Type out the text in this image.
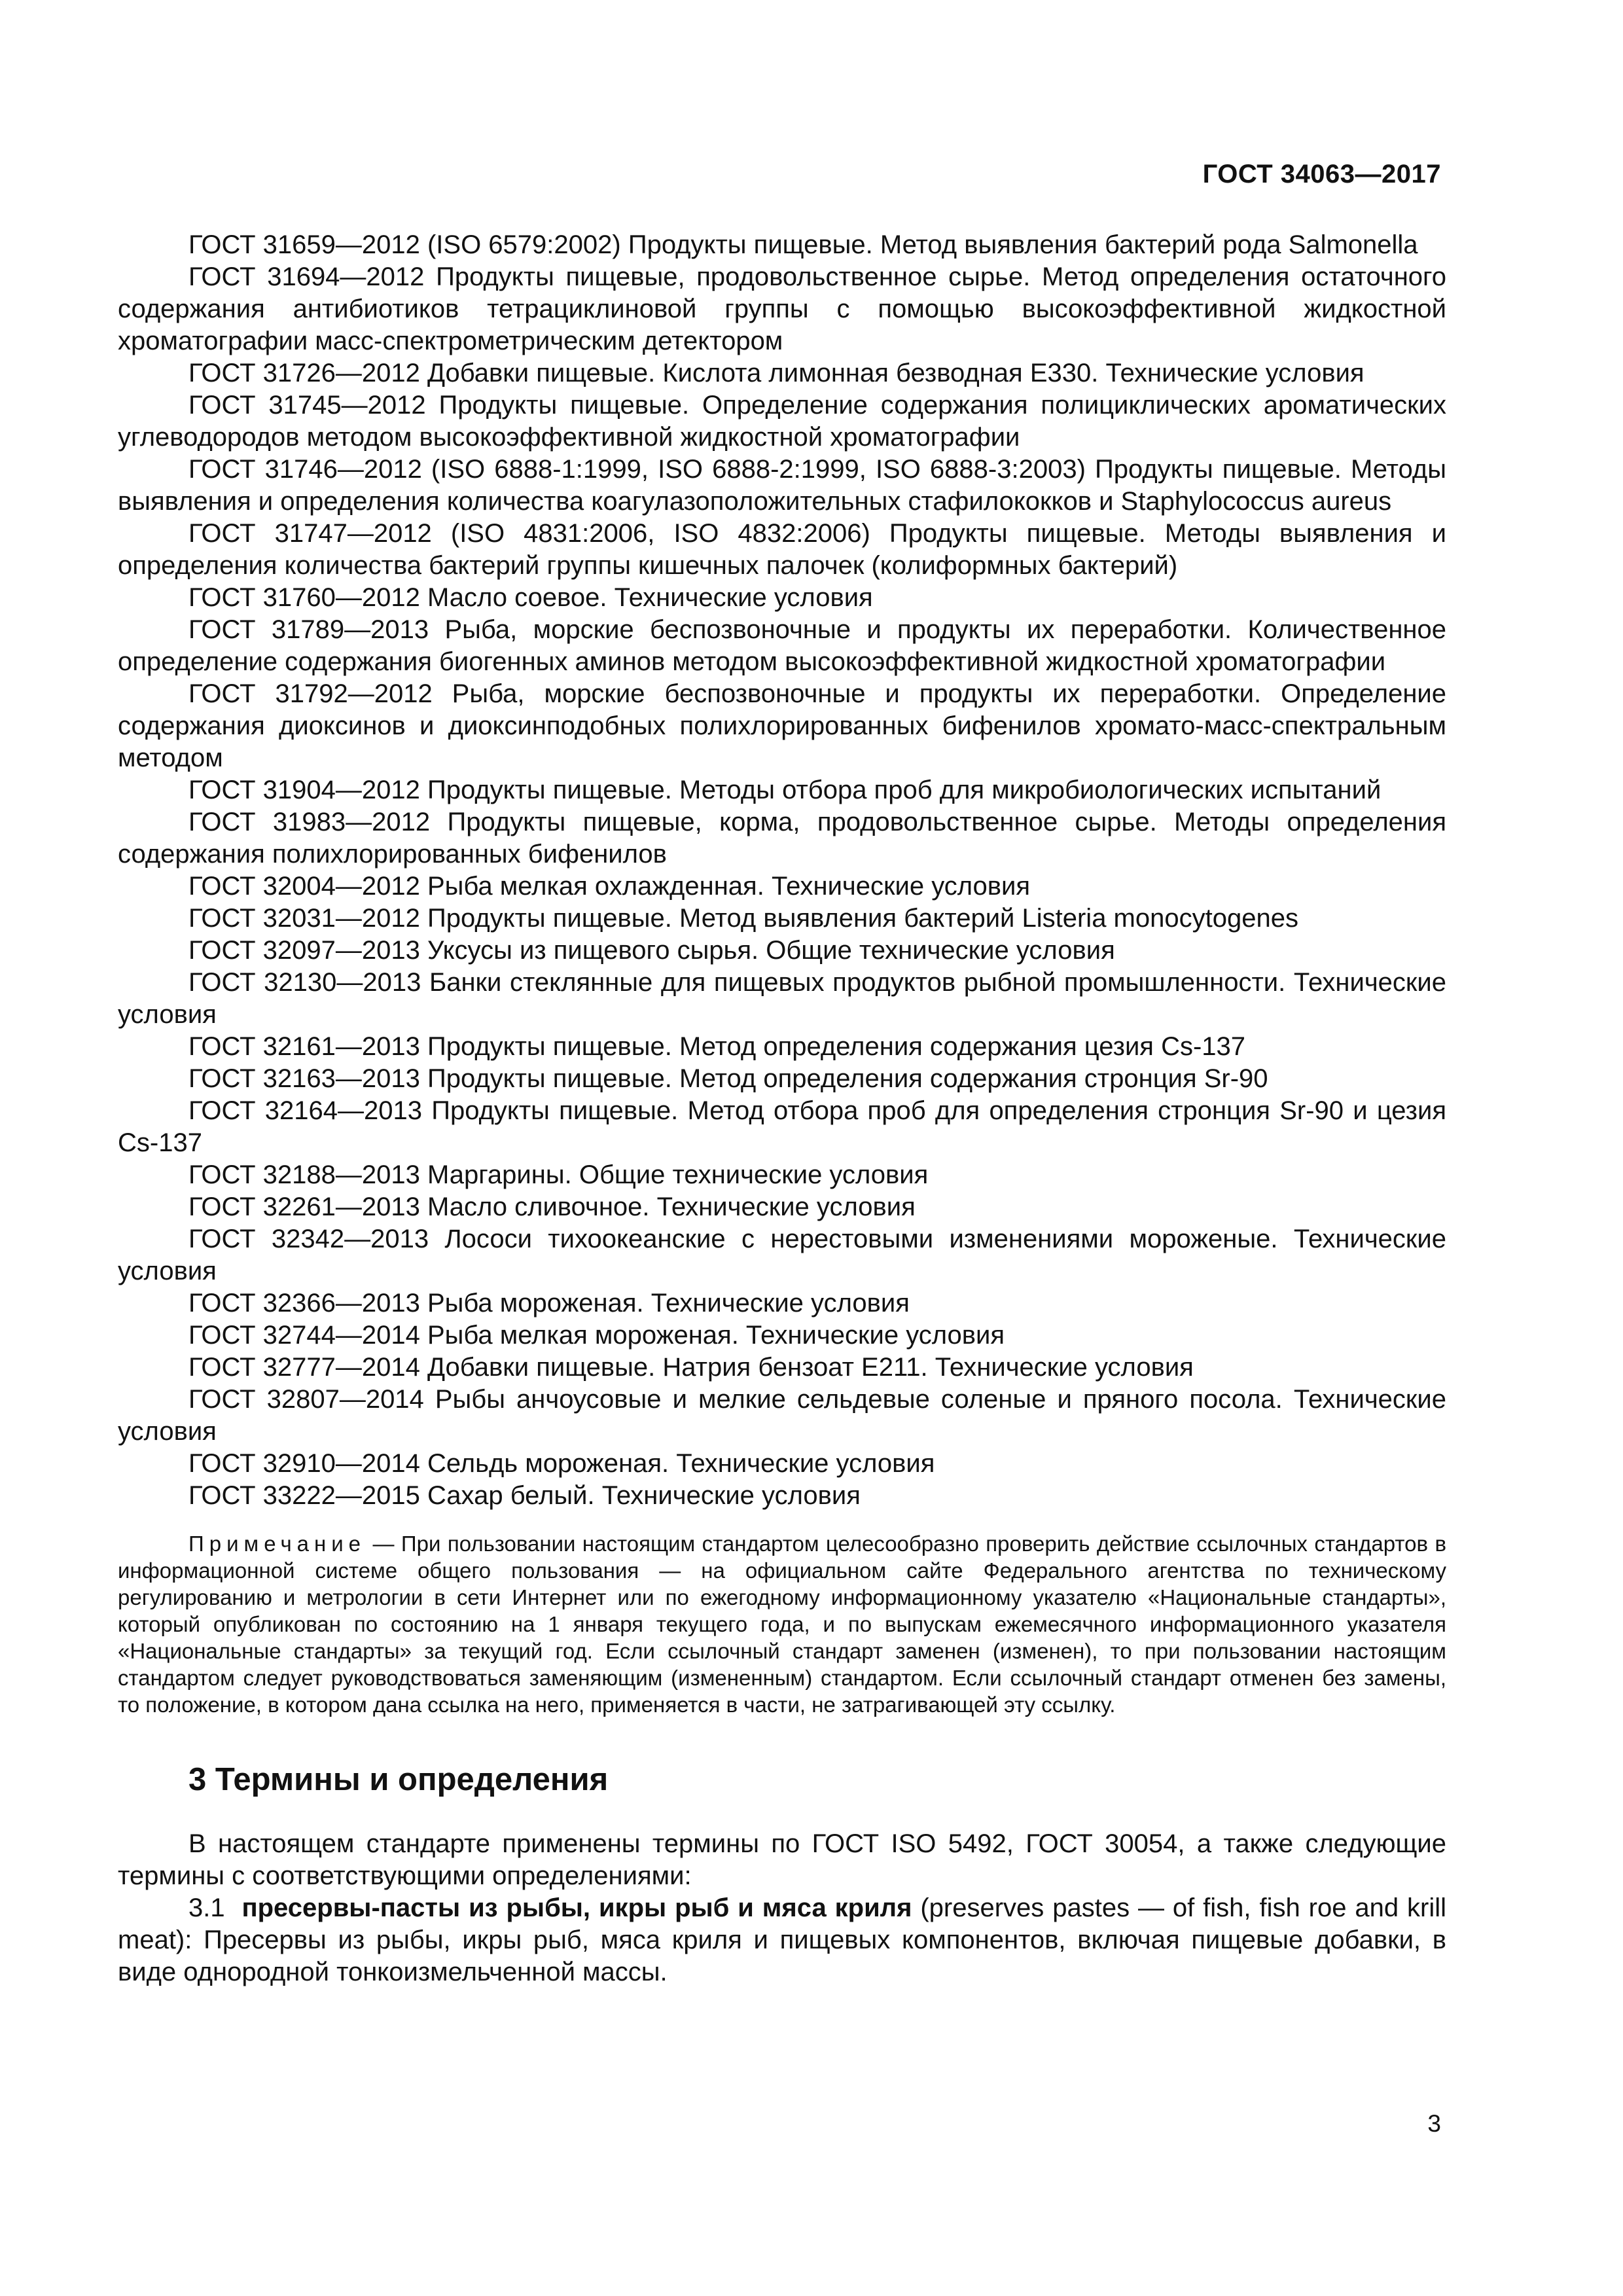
ГОСТ 34063—2017

ГОСТ 31659—2012 (ISO 6579:2002) Продукты пищевые. Метод выявления бактерий рода Salmonella

ГОСТ 31694—2012 Продукты пищевые, продовольственное сырье. Метод определения остаточного содержания антибиотиков тетрациклиновой группы с помощью высокоэффективной жидкостной хроматографии масс-спектрометрическим детектором

ГОСТ 31726—2012 Добавки пищевые. Кислота лимонная безводная Е330. Технические условия

ГОСТ 31745—2012 Продукты пищевые. Определение содержания полициклических ароматических углеводородов методом высокоэффективной жидкостной хроматографии

ГОСТ 31746—2012 (ISO 6888-1:1999, ISO 6888-2:1999, ISO 6888-3:2003) Продукты пищевые. Методы выявления и определения количества коагулазоположительных стафилококков и Staphylococcus aureus

ГОСТ 31747—2012 (ISO 4831:2006, ISO 4832:2006) Продукты пищевые. Методы выявления и определения количества бактерий группы кишечных палочек (колиформных бактерий)

ГОСТ 31760—2012 Масло соевое. Технические условия

ГОСТ 31789—2013 Рыба, морские беспозвоночные и продукты их переработки. Количественное определение содержания биогенных аминов методом высокоэффективной жидкостной хроматографии

ГОСТ 31792—2012 Рыба, морские беспозвоночные и продукты их переработки. Определение содержания диоксинов и диоксинподобных полихлорированных бифенилов хромато-масс-спектральным методом

ГОСТ 31904—2012 Продукты пищевые. Методы отбора проб для микробиологических испытаний

ГОСТ 31983—2012 Продукты пищевые, корма, продовольственное сырье. Методы определения содержания полихлорированных бифенилов

ГОСТ 32004—2012 Рыба мелкая охлажденная. Технические условия

ГОСТ 32031—2012 Продукты пищевые. Метод выявления бактерий Listeria monocytogenes

ГОСТ 32097—2013 Уксусы из пищевого сырья. Общие технические условия

ГОСТ 32130—2013 Банки стеклянные для пищевых продуктов рыбной промышленности. Технические условия

ГОСТ 32161—2013 Продукты пищевые. Метод определения содержания цезия Cs-137

ГОСТ 32163—2013 Продукты пищевые. Метод определения содержания стронция Sr-90

ГОСТ 32164—2013 Продукты пищевые. Метод отбора проб для определения стронция Sr-90 и цезия Cs-137

ГОСТ 32188—2013 Маргарины. Общие технические условия

ГОСТ 32261—2013 Масло сливочное. Технические условия

ГОСТ 32342—2013 Лососи тихоокеанские с нерестовыми изменениями мороженые. Технические условия

ГОСТ 32366—2013 Рыба мороженая. Технические условия

ГОСТ 32744—2014 Рыба мелкая мороженая. Технические условия

ГОСТ 32777—2014 Добавки пищевые. Натрия бензоат Е211. Технические условия

ГОСТ 32807—2014 Рыбы анчоусовые и мелкие сельдевые соленые и пряного посола. Технические условия

ГОСТ 32910—2014 Сельдь мороженая. Технические условия

ГОСТ 33222—2015 Сахар белый. Технические условия

Примечание — При пользовании настоящим стандартом целесообразно проверить действие ссылочных стандартов в информационной системе общего пользования — на официальном сайте Федерального агентства по техническому регулированию и метрологии в сети Интернет или по ежегодному информационному указателю «Национальные стандарты», который опубликован по состоянию на 1 января текущего года, и по выпускам ежемесячного информационного указателя «Национальные стандарты» за текущий год. Если ссылочный стандарт заменен (изменен), то при пользовании настоящим стандартом следует руководствоваться заменяющим (измененным) стандартом. Если ссылочный стандарт отменен без замены, то положение, в котором дана ссылка на него, применяется в части, не затрагивающей эту ссылку.

3 Термины и определения

В настоящем стандарте применены термины по ГОСТ ISO 5492, ГОСТ 30054, а также следующие термины с соответствующими определениями:

3.1 пресервы-пасты из рыбы, икры рыб и мяса криля (preserves pastes — of fish, fish roe and krill meat): Пресервы из рыбы, икры рыб, мяса криля и пищевых компонентов, включая пищевые добавки, в виде однородной тонкоизмельченной массы.

3
